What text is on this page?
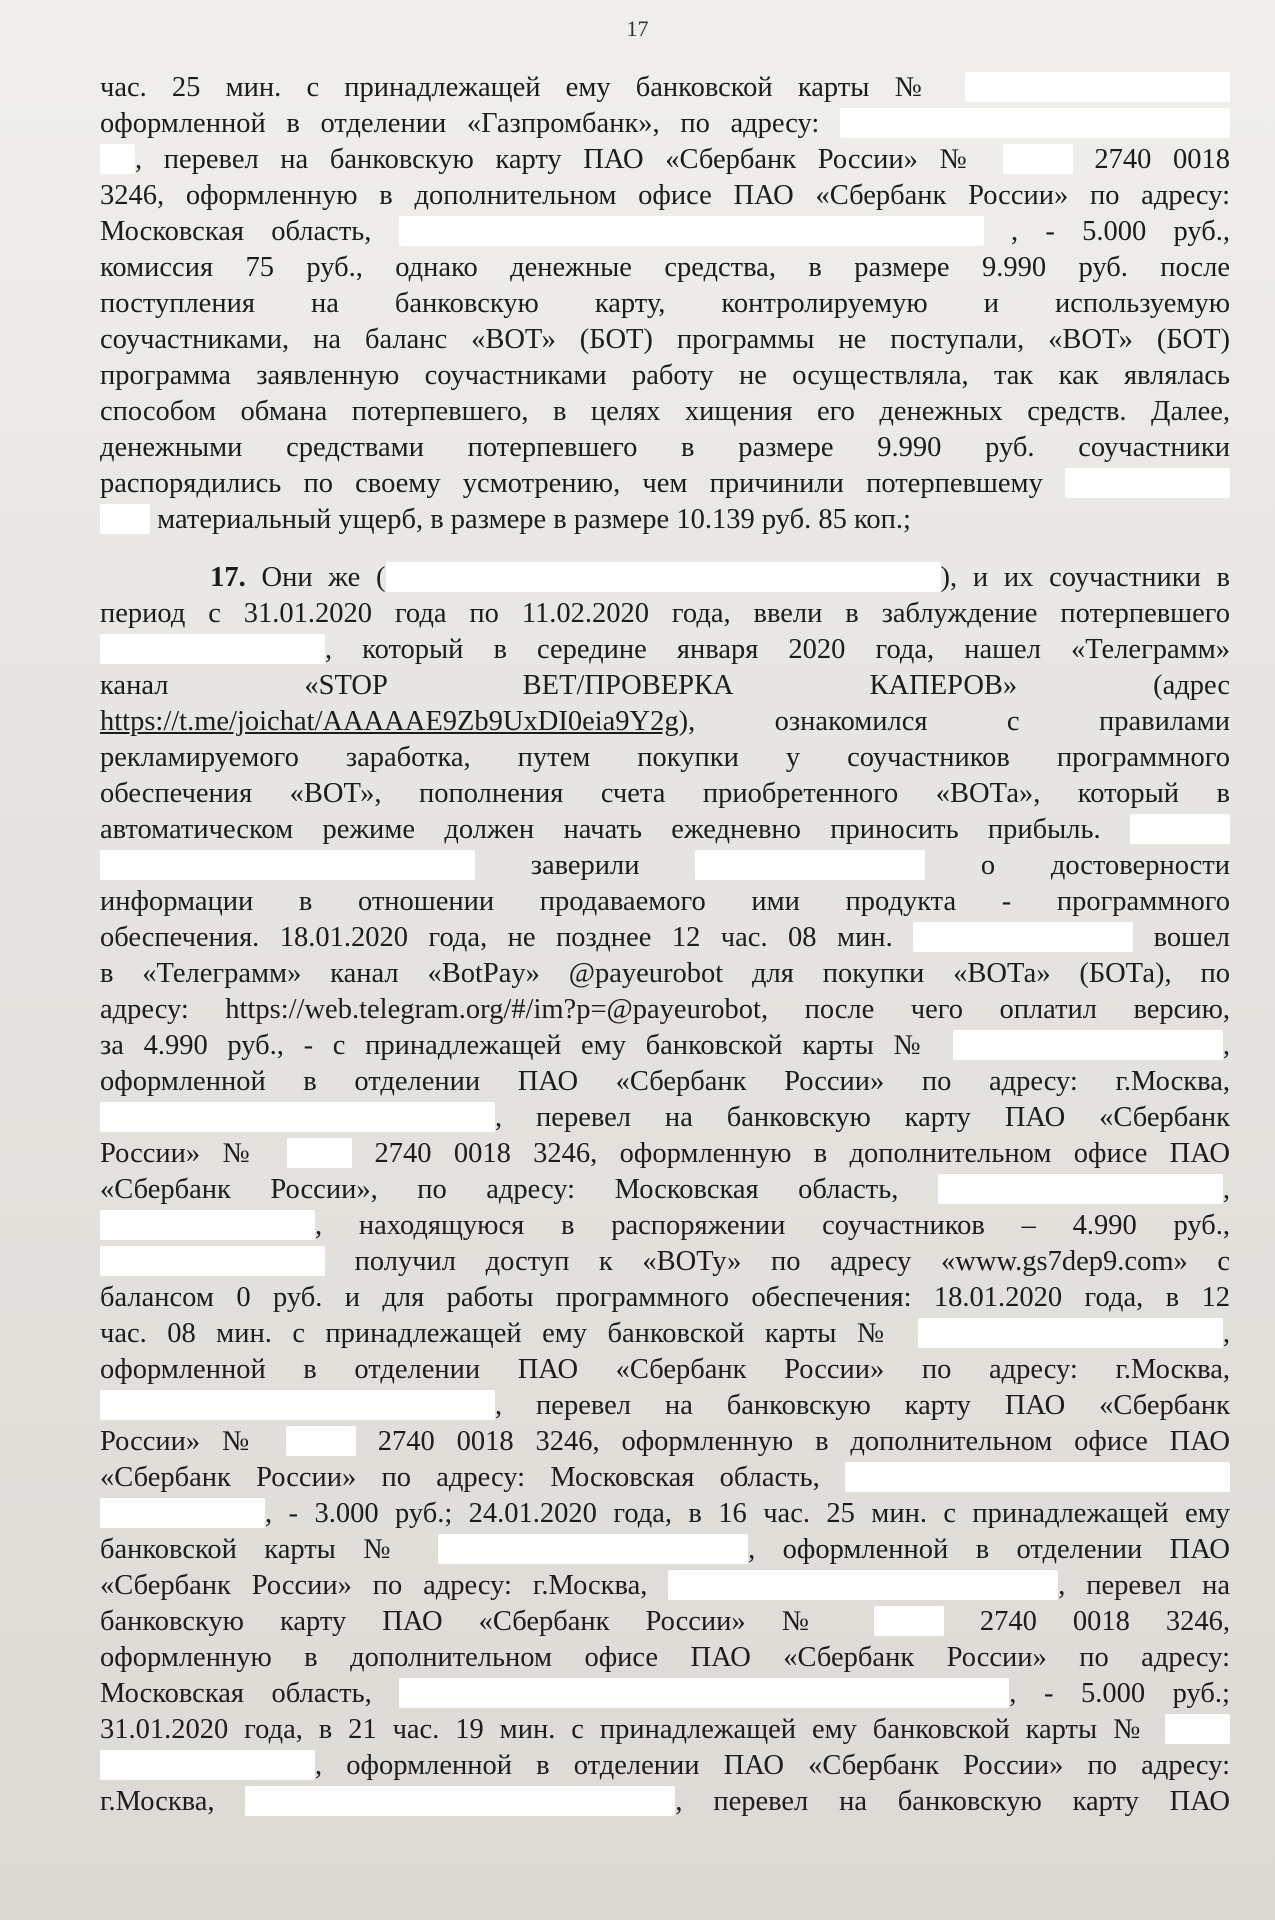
17
час. 25 мин. с принадлежащей ему банковской карты №
оформленной в отделении «Газпромбанк», по адресу:
, перевел на банковскую карту ПАО «Сбербанк России» №	2740 0018
3246, оформленную в дополнительном офисе ПАО «Сбербанк России» по адресу:
Московская область,	, - 5.000 руб.,
комиссия 75 руб., однако денежные средства, в размере 9.990 руб. после
поступления на банковскую карту, контролируемую и используемую
соучастниками, на баланс «ВОТ» (БОТ) программы не поступали, «ВОТ» (БОТ)
программа заявленную соучастниками работу не осуществляла, так как являлась
способом обмана потерпевшего, в целях хищения его денежных средств. Далее,
денежными средствами потерпевшего в размере 9.990 руб. соучастники
распорядились по своему усмотрению, чем причинили потерпевшему
материальный ущерб, в размере в размере 10.139 руб. 85 коп.;
17. Они же (	), и их соучастники в
период с 31.01.2020 года по 11.02.2020 года, ввели в заблуждение потерпевшего
, который в середине января 2020 года, нашел «Телеграмм»
канал «STOP BET/ПРОВЕРКА КАПЕРОВ» (адрес
https://t.me/joichat/AAAAAE9Zb9UxDI0eia9Y2g), ознакомился с правилами
рекламируемого заработка, путем покупки у соучастников программного
обеспечения «ВОТ», пополнения счета приобретенного «ВОТа», который в
автоматическом режиме должен начать ежедневно приносить прибыль.
заверили	о достоверности
информации в отношении продаваемого ими продукта - программного
обеспечения. 18.01.2020 года, не позднее 12 час. 08 мин.	вошел
в «Телеграмм» канал «BotPay» @payeurobot для покупки «ВОТа» (БОТа), по
адресу: https://web.telegram.org/#/im?p=@payeurobot, после чего оплатил версию,
за 4.990 руб., - с принадлежащей ему банковской карты №	,
оформленной в отделении ПАО «Сбербанк России» по адресу: г.Москва,
, перевел на банковскую карту ПАО «Сбербанк
России» №	2740 0018 3246, оформленную в дополнительном офисе ПАО
«Сбербанк России», по адресу: Московская область,	,
, находящуюся в распоряжении соучастников – 4.990 руб.,
получил доступ к «ВОТу» по адресу «www.gs7dep9.com» с
балансом 0 руб. и для работы программного обеспечения: 18.01.2020 года, в 12
час. 08 мин. с принадлежащей ему банковской карты №	,
оформленной в отделении ПАО «Сбербанк России» по адресу: г.Москва,
, перевел на банковскую карту ПАО «Сбербанк
России» №	2740 0018 3246, оформленную в дополнительном офисе ПАО
«Сбербанк России» по адресу: Московская область,
, - 3.000 руб.; 24.01.2020 года, в 16 час. 25 мин. с принадлежащей ему
банковской карты №	, оформленной в отделении ПАО
«Сбербанк России» по адресу: г.Москва,	, перевел на
банковскую карту ПАО «Сбербанк России» №	2740 0018 3246,
оформленную в дополнительном офисе ПАО «Сбербанк России» по адресу:
Московская область,	, - 5.000 руб.;
31.01.2020 года, в 21 час. 19 мин. с принадлежащей ему банковской карты №
, оформленной в отделении ПАО «Сбербанк России» по адресу:
г.Москва,	, перевел на банковскую карту ПАО
